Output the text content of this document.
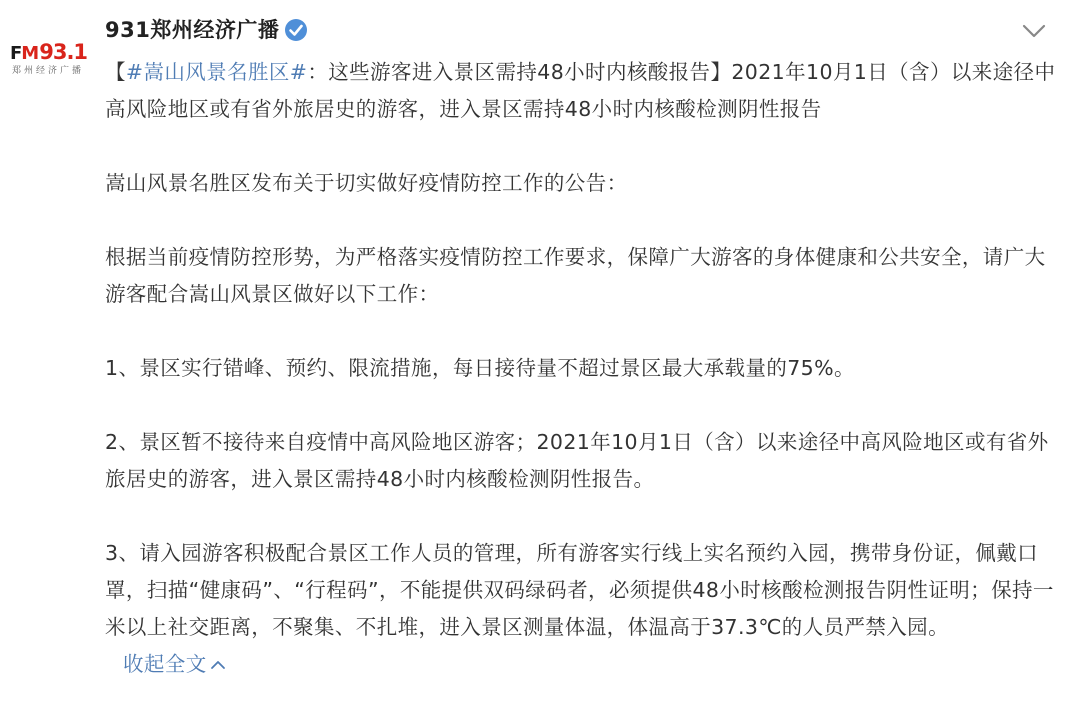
FM 93.1
郑州经济广播
931郑州经济广播

【#嵩山风景名胜区#：这些游客进入景区需持48小时内核酸报告】2021年10月1日（含）以来途径中高风险地区或有省外旅居史的游客，进入景区需持48小时内核酸检测阴性报告

嵩山风景名胜区发布关于切实做好疫情防控工作的公告：

根据当前疫情防控形势，为严格落实疫情防控工作要求，保障广大游客的身体健康和公共安全，请广大游客配合嵩山风景区做好以下工作：

1、景区实行错峰、预约、限流措施，每日接待量不超过景区最大承载量的75%。

2、景区暂不接待来自疫情中高风险地区游客；2021年10月1日（含）以来途径中高风险地区或有省外旅居史的游客，进入景区需持48小时内核酸检测阴性报告。

3、请入园游客积极配合景区工作人员的管理，所有游客实行线上实名预约入园，携带身份证，佩戴口罩，扫描“健康码”、“行程码”，不能提供双码绿码者，必须提供48小时核酸检测报告阴性证明；保持一米以上社交距离，不聚集、不扎堆，进入景区测量体温，体温高于37.3℃的人员严禁入园。
收起全文
